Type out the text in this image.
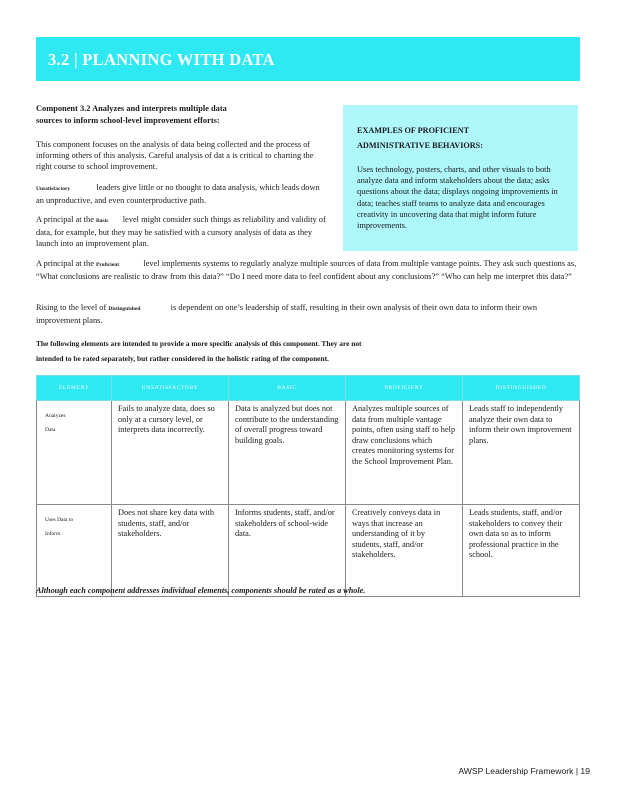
3.2 | PLANNING WITH DATA
Component 3.2 Analyzes and interprets multiple data
sources to inform school-level improvement efforts:
This component focuses on the analysis of data being collected and the process of informing others of this analysis. Careful analysis of dat a is critical to charting the right course to school improvement.
Unsatisfactory	leaders give little or no thought to data analysis, which leads down an unproductive, and even counterproductive path.
A principal at the Basic level might consider such things as reliability and validity of data, for example, but they may be satisfied with a cursory analysis of data as they launch into an improvement plan.
EXAMPLES OF PROFICIENT
ADMINISTRATIVE BEHAVIORS:
Uses technology, posters, charts, and other visuals to both analyze data and inform stakeholders about the data; asks questions about the data; displays ongoing improvements in data; teaches staff teams to analyze data and encourages creativity in uncovering data that might inform future improvements.
A principal at the Proficient	level implements systems to regularly analyze multiple sources of data from multiple vantage points. They ask such questions as, “What conclusions are realistic to draw from this data?” “Do I need more data to feel confident about any conclusions?” “Who can help me interpret this data?”
Rising to the level of Distinguished	is dependent on one’s leadership of staff, resulting in their own analysis of their own data to inform their own improvement plans.
The following elements are intended to provide a more specific analysis of this component. They are not
intended to be rated separately, but rather considered in the holistic rating of the component.
ELEMENT	UNSATISFACTORY	BASIC	PROFICIENT	DISTINGUISHED

Analyzes
Data	Fails to analyze data, does so only at a cursory level, or interprets data incorrectly.	Data is analyzed but does not contribute to the understanding of overall progress toward building goals.	Analyzes multiple sources of data from multiple vantage points, often using staff to help draw conclusions which creates monitoring systems for the School Improvement Plan.	Leads staff to independently analyze their own data to inform their own improvement plans.

Uses Data to
Inform	Does not share key data with students, staff, and/or stakeholders.	Informs students, staff, and/or stakeholders of school-wide data.	Creatively conveys data in ways that increase an understanding of it by students, staff, and/or stakeholders.	Leads students, staff, and/or stakeholders to convey their own data so as to inform professional practice in the school.
Although each component addresses individual elements, components should be rated as a whole.
AWSP Leadership Framework | 19
